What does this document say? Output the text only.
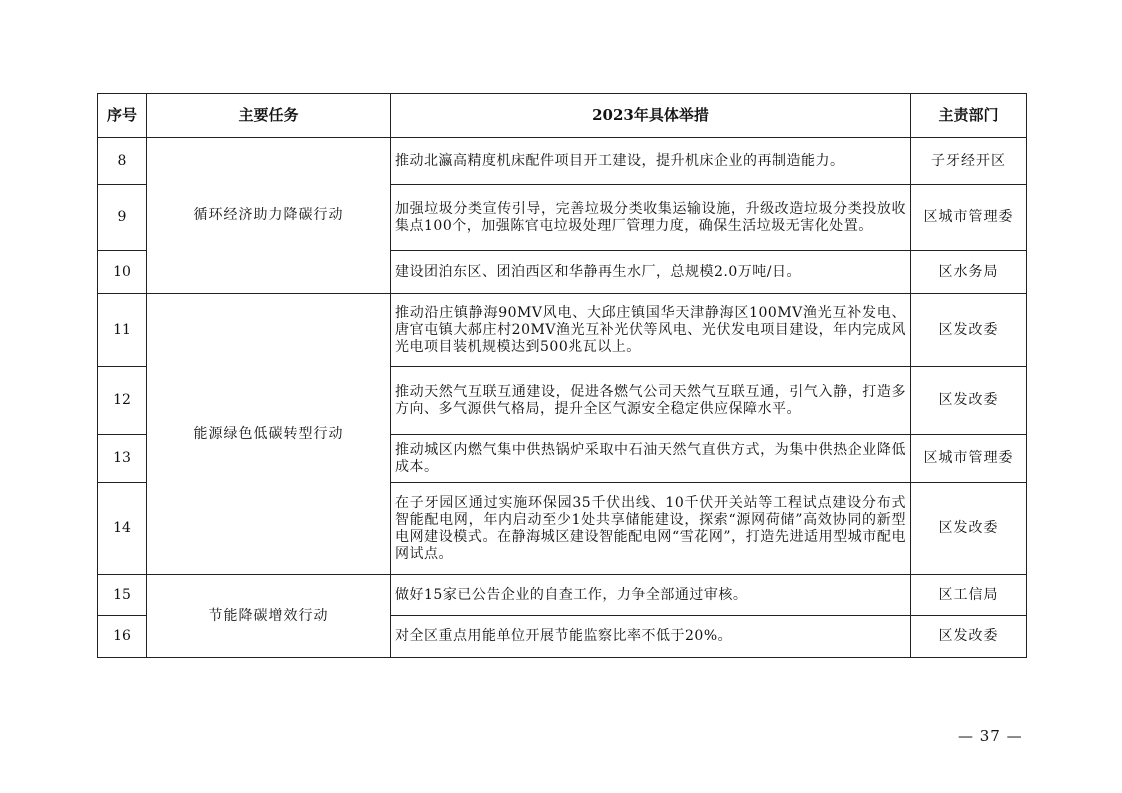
序号	主要任务	2023年具体举措	主责部门
8	循环经济助力降碳行动	推动北瀛高精度机床配件项目开工建设，提升机床企业的再制造能力。	子牙经开区
9		加强垃圾分类宣传引导，完善垃圾分类收集运输设施，升级改造垃圾分类投放收集点100个，加强陈官屯垃圾处理厂管理力度，确保生活垃圾无害化处置。	区城市管理委
10		建设团泊东区、团泊西区和华静再生水厂，总规模2.0万吨/日。	区水务局
11	能源绿色低碳转型行动	推动沿庄镇静海90MV风电、大邱庄镇国华天津静海区100MV渔光互补发电、唐官屯镇大郝庄村20MV渔光互补光伏等风电、光伏发电项目建设，年内完成风光电项目装机规模达到500兆瓦以上。	区发改委
12		推动天然气互联互通建设，促进各燃气公司天然气互联互通，引气入静，打造多方向、多气源供气格局，提升全区气源安全稳定供应保障水平。	区发改委
13		推动城区内燃气集中供热锅炉采取中石油天然气直供方式，为集中供热企业降低成本。	区城市管理委
14		在子牙园区通过实施环保园35千伏出线、10千伏开关站等工程试点建设分布式智能配电网，年内启动至少1处共享储能建设，探索“源网荷储”高效协同的新型电网建设模式。在静海城区建设智能配电网“雪花网”，打造先进适用型城市配电网试点。	区发改委
15	节能降碳增效行动	做好15家已公告企业的自查工作，力争全部通过审核。	区工信局
16		对全区重点用能单位开展节能监察比率不低于20%。	区发改委
— 37 —
